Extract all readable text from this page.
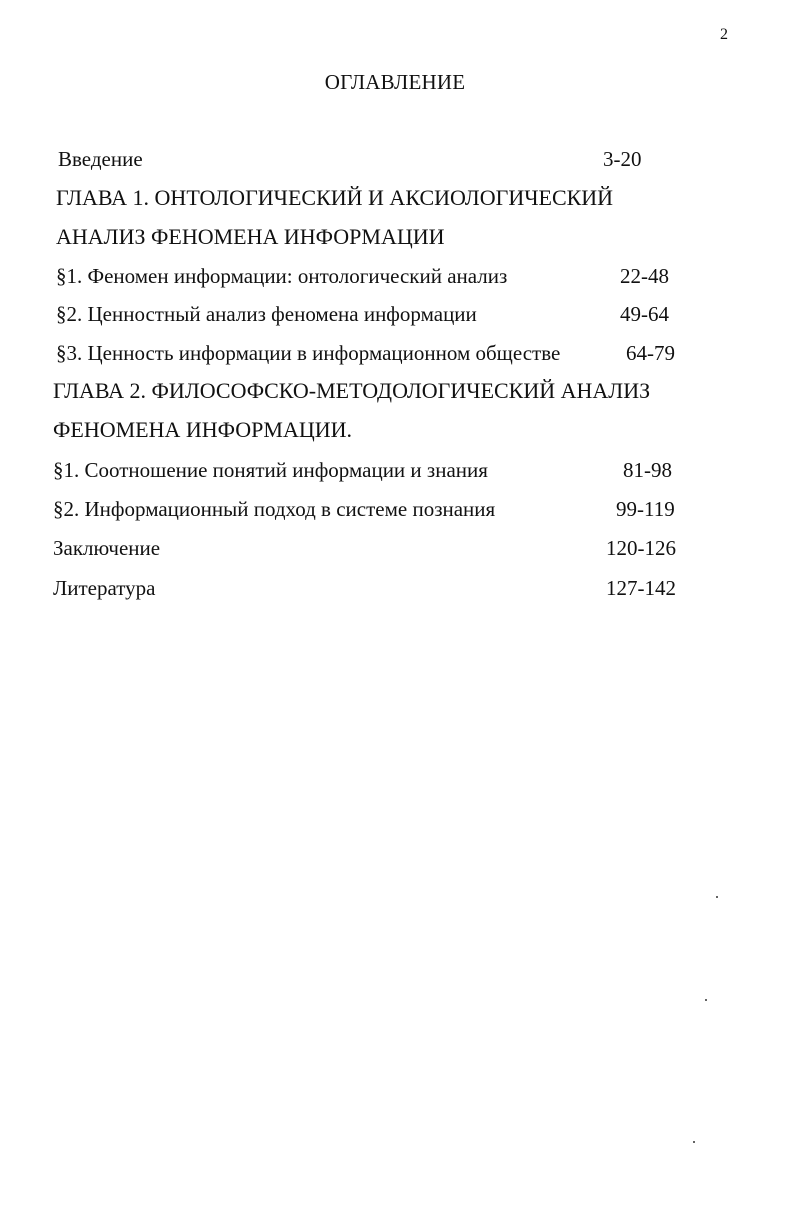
2
ОГЛАВЛЕНИЕ
Введение	3-20
ГЛАВА 1. ОНТОЛОГИЧЕСКИЙ И АКСИОЛОГИЧЕСКИЙ
АНАЛИЗ ФЕНОМЕНА ИНФОРМАЦИИ
§1. Феномен информации: онтологический анализ	22-48
§2. Ценностный анализ феномена информации	49-64
§3. Ценность информации в информационном обществе	64-79
ГЛАВА 2. ФИЛОСОФСКО-МЕТОДОЛОГИЧЕСКИЙ АНАЛИЗ
ФЕНОМЕНА ИНФОРМАЦИИ.
§1. Соотношение понятий информации и знания	81-98
§2. Информационный подход в системе познания	99-119
Заключение	120-126
Литература	127-142
